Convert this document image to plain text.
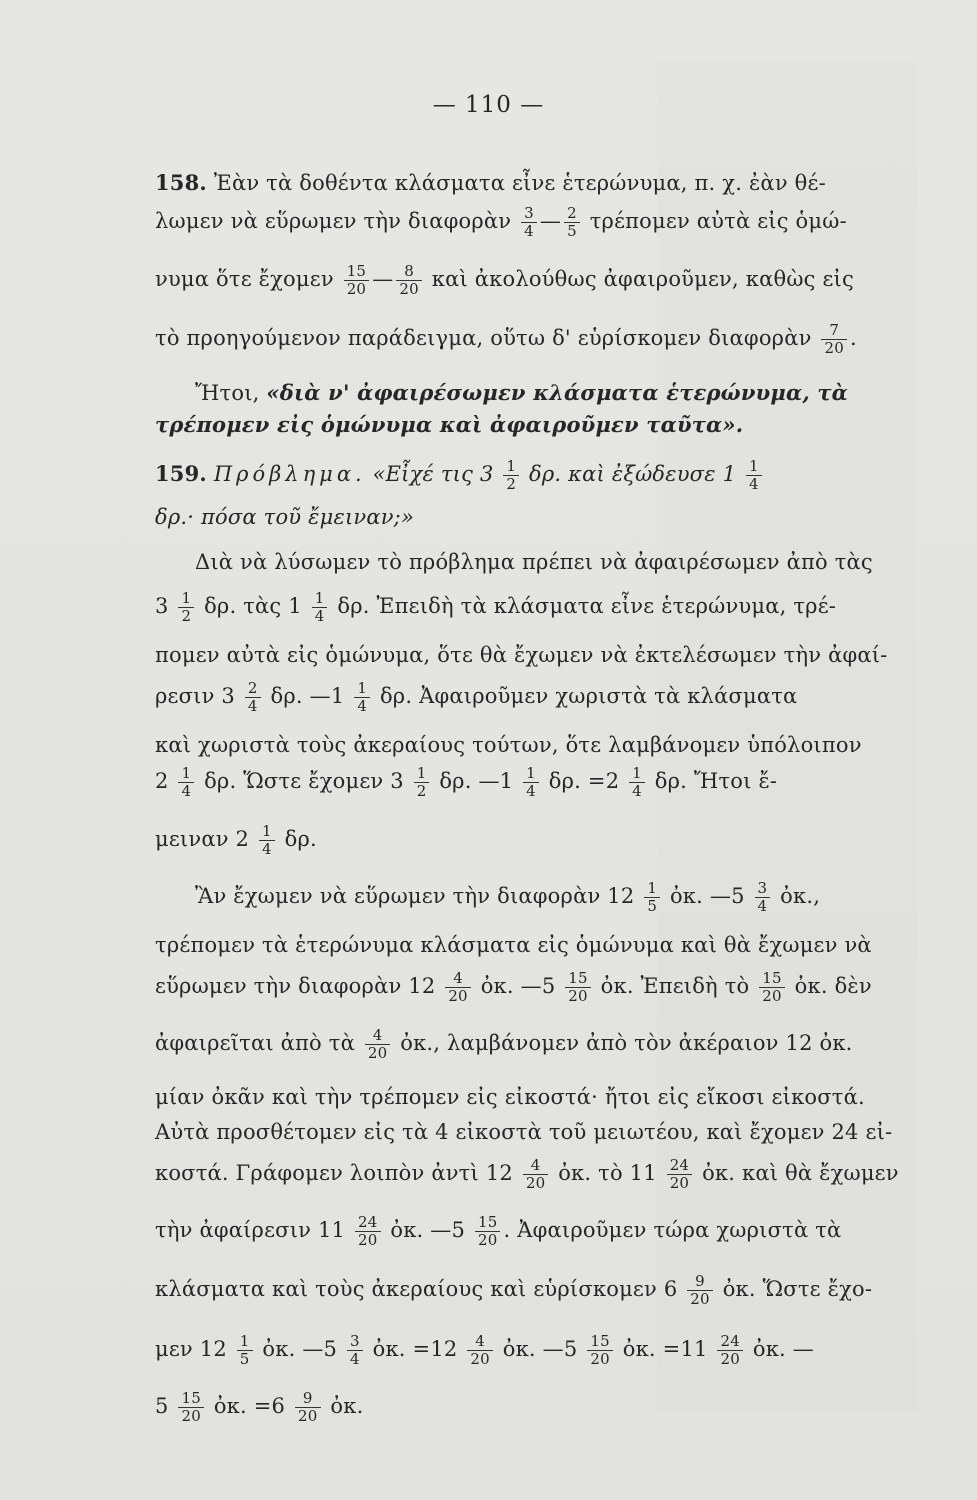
— 110 —
158. Ἐὰν τὰ δοθέντα κλάσματα εἶνε ἑτερώνυμα, π. χ. ἐὰν θέ-
λωμεν νὰ εὕρωμεν τὴν διαφορὰν $\frac{3}{4}$ — $\frac{2}{5}$ τρέπομεν αὐτὰ εἰς ὁμώ-
νυμα ὅτε ἔχομεν $\frac{15}{20}$ — $\frac{8}{20}$ καὶ ἀκολούθως ἀφαιροῦμεν, καθὼς εἰς
τὸ προηγούμενον παράδειγμα, οὕτω δ' εὑρίσκομεν διαφορὰν $\frac{7}{20}$ .
Ἤτοι, «διὰ ν' ἀφαιρέσωμεν κλάσματα ἑτερώνυμα, τὰ
τρέπομεν εἰς ὁμώνυμα καὶ ἀφαιροῦμεν ταῦτα».
159. Πρόβλημα. «Εἶχέ τις $3 \frac{1}{2} \delta\rho$. καὶ ἐξώδευσε $1 \frac{1}{4}$
δρ.· πόσα τοῦ ἔμειναν;»
Διὰ νὰ λύσωμεν τὸ πρόβλημα πρέπει νὰ ἀφαιρέσωμεν ἀπὸ τὰς
$3 \frac{1}{2} \delta\rho$. τὰς $1 \frac{1}{4} \delta\rho$. Ἐπειδὴ τὰ κλάσματα εἶνε ἑτερώνυμα, τρέ-
πομεν αὐτὰ εἰς ὁμώνυμα, ὅτε θὰ ἔχωμεν νὰ ἐκτελέσωμεν τὴν ἀφαί-
ρεσιν $3 \frac{2}{4} \delta\rho$. —1 $\frac{1}{4} \delta\rho$. Ἀφαιροῦμεν χωριστὰ τὰ κλάσματα
καὶ χωριστὰ τοὺς ἀκεραίους τούτων, ὅτε λαμβάνομεν ὑπόλοιπον
$2 \frac{1}{4} \delta\rho$. Ὥστε ἔχομεν $3 \frac{1}{2} \delta\rho$. —1 $\frac{1}{4} \delta\rho$. $=2 \frac{1}{4} \delta\rho$. Ἤτοι ἔ-
μειναν $2 \frac{1}{4} \delta\rho$.
Ἂν ἔχωμεν νὰ εὕρωμεν τὴν διαφορὰν $12 \frac{1}{5}$ ὀκ. —5 $\frac{3}{4}$ ὀκ.,
τρέπομεν τὰ ἑτερώνυμα κλάσματα εἰς ὁμώνυμα καὶ θὰ ἔχωμεν νὰ
εὕρωμεν τὴν διαφορὰν $12 \frac{4}{20}$ ὀκ. —5 $\frac{15}{20}$ ὀκ. Ἐπειδὴ τὸ $\frac{15}{20}$ ὀκ. δὲν
ἀφαιρεῖται ἀπὸ τὰ $\frac{4}{20}$ ὀκ., λαμβάνομεν ἀπὸ τὸν ἀκέραιον 12 ὀκ.
μίαν ὀκᾶν καὶ τὴν τρέπομεν εἰς εἰκοστά· ἤτοι εἰς εἴκοσι εἰκοστά.
Αὐτὰ προσθέτομεν εἰς τὰ 4 εἰκοστὰ τοῦ μειωτέου, καὶ ἔχομεν 24 εἰ-
κοστά. Γράφομεν λοιπὸν ἀντὶ $12 \frac{4}{20}$ ὀκ. τὸ $11 \frac{24}{20}$ ὀκ. καὶ θὰ ἔχωμεν
τὴν ἀφαίρεσιν $11 \frac{24}{20}$ ὀκ. —5 $\frac{15}{20}$ . Ἀφαιροῦμεν τώρα χωριστὰ τὰ
κλάσματα καὶ τοὺς ἀκεραίους καὶ εὑρίσκομεν $6 \frac{9}{20}$ ὀκ. Ὥστε ἔχο-
μεν $12 \frac{1}{5}$ ὀκ. —5 $\frac{3}{4}$ ὀκ. $=12 \frac{4}{20}$ ὀκ. —5 $\frac{15}{20}$ ὀκ. $=11 \frac{24}{20}$ ὀκ. —
$5 \frac{15}{20}$ ὀκ. $=6 \frac{9}{20}$ ὀκ.
